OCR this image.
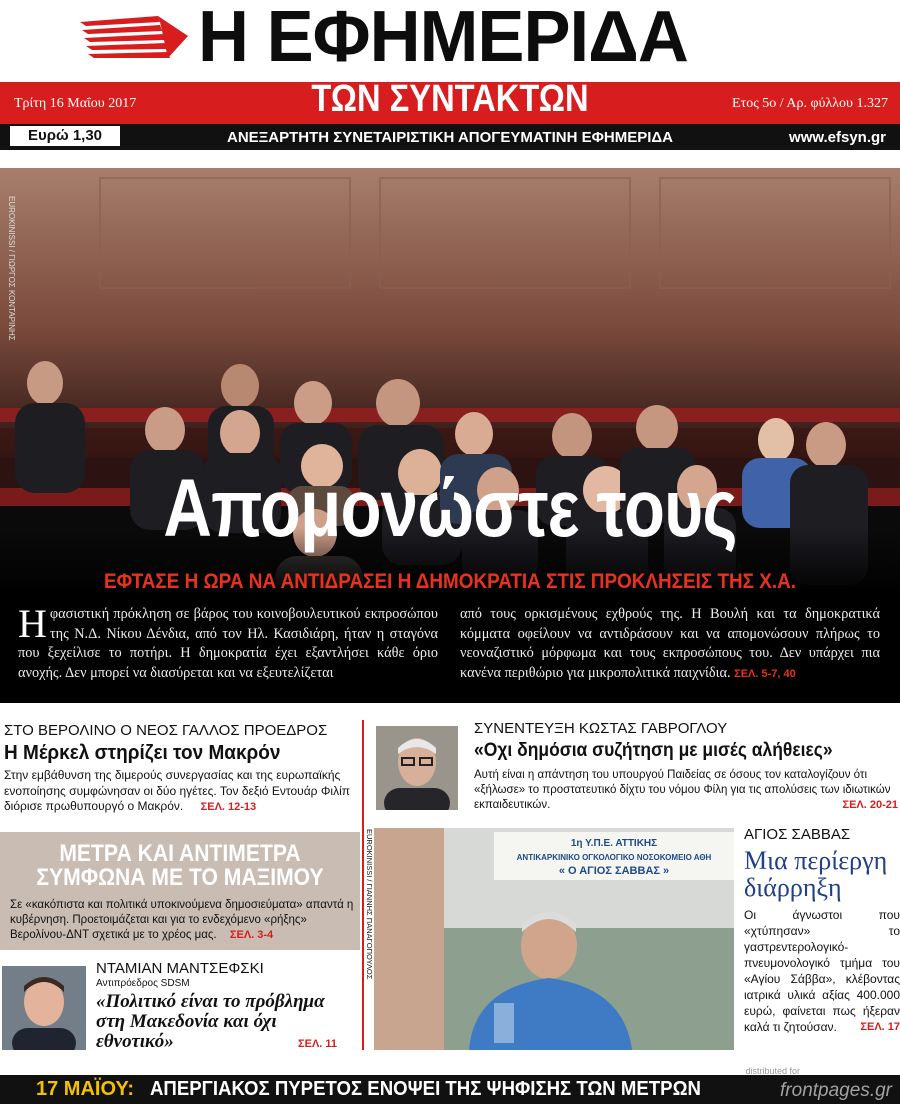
Η ΕΦΗΜΕΡΙΔΑ
Τρίτη 16 Μαΐου 2017	ΤΩΝ ΣΥΝΤΑΚΤΩΝ	Ετος 5ο / Αρ. φύλλου 1.327
Ευρώ 1,30	ΑΝΕΞΑΡΤΗΤΗ ΣΥΝΕΤΑΙΡΙΣΤΙΚΗ ΑΠΟΓΕΥΜΑΤΙΝΗ ΕΦΗΜΕΡΙΔΑ	www.efsyn.gr
EUROKINISSI / ΓΙΩΡΓΟΣ ΚΟΝΤΑΡΙΝΗΣ
Απομονώστε τους
ΕΦΤΑΣΕ Η ΩΡΑ ΝΑ ΑΝΤΙΔΡΑΣΕΙ Η ΔΗΜΟΚΡΑΤΙΑ ΣΤΙΣ ΠΡΟΚΛΗΣΕΙΣ ΤΗΣ Χ.Α.
Ηφασιστική πρόκληση σε βάρος του κοινοβουλευτικού εκπροσώπου της Ν.Δ. Νίκου Δένδια, από τον Ηλ. Κασιδιάρη, ήταν η σταγόνα που ξεχείλισε το ποτήρι. Η δημοκρατία έχει εξαντλήσει κάθε όριο ανοχής. Δεν μπορεί να διασύρεται και να εξευτελίζεται
από τους ορκισμένους εχθρούς της. Η Βουλή και τα δημοκρατικά κόμματα οφείλουν να αντιδράσουν και να απομονώσουν πλήρως το νεοναζιστικό μόρφωμα και τους εκπροσώπους του. Δεν υπάρχει πια κανένα περιθώριο για μικροπολιτικά παιχνίδια. ΣΕΛ. 5-7, 40
ΣΤΟ ΒΕΡΟΛΙΝΟ Ο ΝΕΟΣ ΓΑΛΛΟΣ ΠΡΟΕΔΡΟΣ
Η Μέρκελ στηρίζει τον Μακρόν
Στην εμβάθυνση της διμερούς συνεργασίας και της ευρωπαϊκής ενοποίησης συμφώνησαν οι δύο ηγέτες. Τον δεξιό Εντουάρ Φιλίπ διόρισε πρωθυπουργό ο Μακρόν. ΣΕΛ. 12-13
ΜΕΤΡΑ ΚΑΙ ΑΝΤΙΜΕΤΡΑ
ΣΥΜΦΩΝΑ ΜΕ ΤΟ ΜΑΞΙΜΟΥ
Σε «κακόπιστα και πολιτικά υποκινούμενα δημοσιεύματα» απαντά η κυβέρνηση. Προετοιμάζεται και για το ενδεχόμενο «ρήξης» Βερολίνου-ΔΝΤ σχετικά με το χρέος μας. ΣΕΛ. 3-4
ΝΤΑΜΙΑΝ ΜΑΝΤΣΕΦΣΚΙ
Αντιπρόεδρος SDSM
«Πολιτικό είναι το πρόβλημα στη Μακεδονία και όχι εθνοτικό»	ΣΕΛ. 11
ΣΥΝΕΝΤΕΥΞΗ ΚΩΣΤΑΣ ΓΑΒΡΟΓΛΟΥ
«Οχι δημόσια συζήτηση με μισές αλήθειες»
Αυτή είναι η απάντηση του υπουργού Παιδείας σε όσους τον καταλογίζουν ότι «ξήλωσε» το προστατευτικό δίχτυ του νόμου Φίλη για τις απολύσεις των ιδιωτικών εκπαιδευτικών.	ΣΕΛ. 20-21
1η Υ.Π.Ε. ΑΤΤΙΚΗΣ
ΑΝΤΙΚΑΡΚΙΝΙΚΟ ΟΓΚΟΛΟΓΙΚΟ ΝΟΣΟΚΟΜΕΙΟ ΑΘΗ
« Ο ΑΓΙΟΣ ΣΑΒΒΑΣ »
EUROKINISSI / ΓΙΑΝΝΗΣ ΠΑΝΑΓΟΠΟΥΛΟΣ	ΑΓΙΟΣ ΣΑΒΒΑΣ
Μια περίεργη διάρρηξη
Οι άγνωστοι που «χτύπησαν» το γαστρεντερολογικό-πνευμονολογικό τμήμα του «Αγίου Σάββα», κλέβοντας ιατρικά υλικά αξίας 400.000 ευρώ, φαίνεται πως ήξεραν καλά τι ζητούσαν. ΣΕΛ. 17
17 ΜΑΪΟΥ: ΑΠΕΡΓΙΑΚΟΣ ΠΥΡΕΤΟΣ ΕΝΟΨΕΙ ΤΗΣ ΨΗΦΙΣΗΣ ΤΩΝ ΜΕΤΡΩΝ
distributed for
frontpages.gr
